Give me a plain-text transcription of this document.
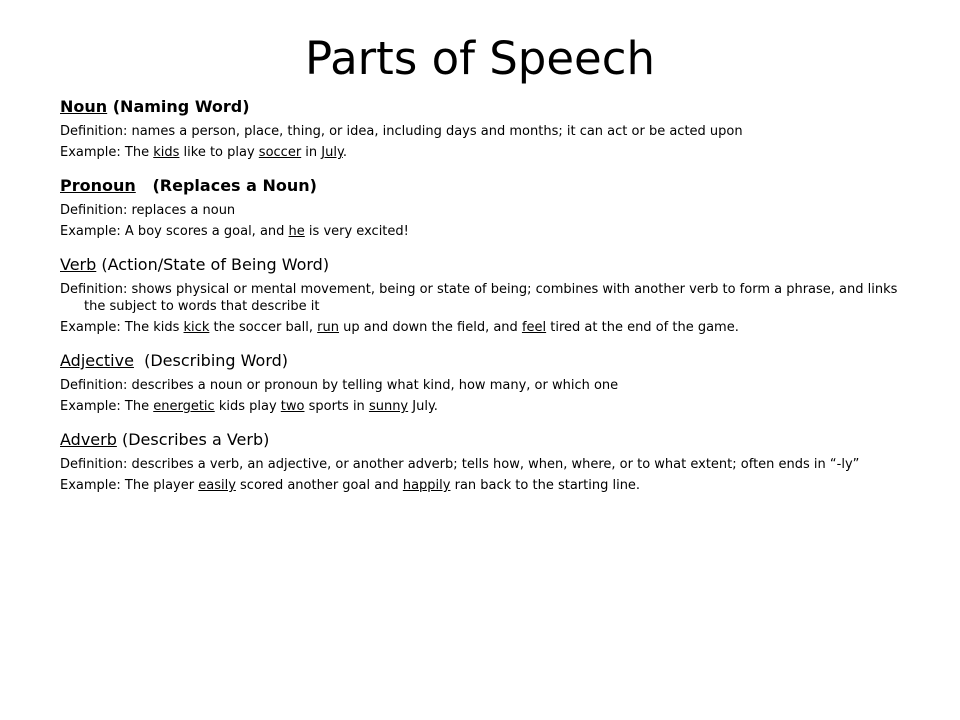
Parts of Speech

Noun (Naming Word)

Definition: names a person, place, thing, or idea, including days and months; it can act or be acted upon

Example: The kids like to play soccer in July.

Pronoun   (Replaces a Noun)

Definition: replaces a noun

Example: A boy scores a goal, and he is very excited!

Verb (Action/State of Being Word)

Definition: shows physical or mental movement, being or state of being; combines with another verb to form a phrase, and links the subject to words that describe it

Example: The kids kick the soccer ball, run up and down the field, and feel tired at the end of the game.

Adjective  (Describing Word)

Definition: describes a noun or pronoun by telling what kind, how many, or which one

Example: The energetic kids play two sports in sunny July.

Adverb (Describes a Verb)

Definition: describes a verb, an adjective, or another adverb; tells how, when, where, or to what extent; often ends in “-ly”

Example: The player easily scored another goal and happily ran back to the starting line.
